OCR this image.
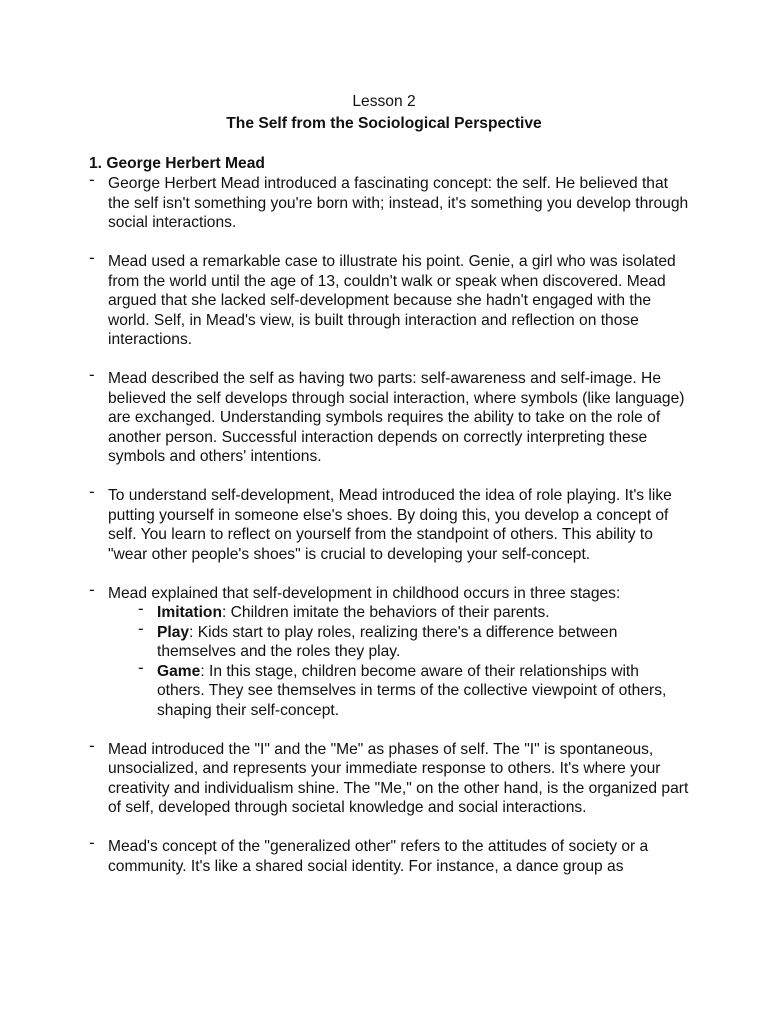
Lesson 2
The Self from the Sociological Perspective
1. George Herbert Mead
- George Herbert Mead introduced a fascinating concept: the self. He believed that the self isn't something you're born with; instead, it's something you develop through social interactions.
- Mead used a remarkable case to illustrate his point. Genie, a girl who was isolated from the world until the age of 13, couldn't walk or speak when discovered. Mead argued that she lacked self-development because she hadn't engaged with the world. Self, in Mead's view, is built through interaction and reflection on those interactions.
- Mead described the self as having two parts: self-awareness and self-image. He believed the self develops through social interaction, where symbols (like language) are exchanged. Understanding symbols requires the ability to take on the role of another person. Successful interaction depends on correctly interpreting these symbols and others' intentions.
- To understand self-development, Mead introduced the idea of role playing. It's like putting yourself in someone else's shoes. By doing this, you develop a concept of self. You learn to reflect on yourself from the standpoint of others. This ability to "wear other people's shoes" is crucial to developing your self-concept.
- Mead explained that self-development in childhood occurs in three stages:
- Imitation: Children imitate the behaviors of their parents.
- Play: Kids start to play roles, realizing there's a difference between themselves and the roles they play.
- Game: In this stage, children become aware of their relationships with others. They see themselves in terms of the collective viewpoint of others, shaping their self-concept.
- Mead introduced the "I" and the "Me" as phases of self. The "I" is spontaneous, unsocialized, and represents your immediate response to others. It's where your creativity and individualism shine. The "Me," on the other hand, is the organized part of self, developed through societal knowledge and social interactions.
- Mead's concept of the "generalized other" refers to the attitudes of society or a community. It's like a shared social identity. For instance, a dance group as
